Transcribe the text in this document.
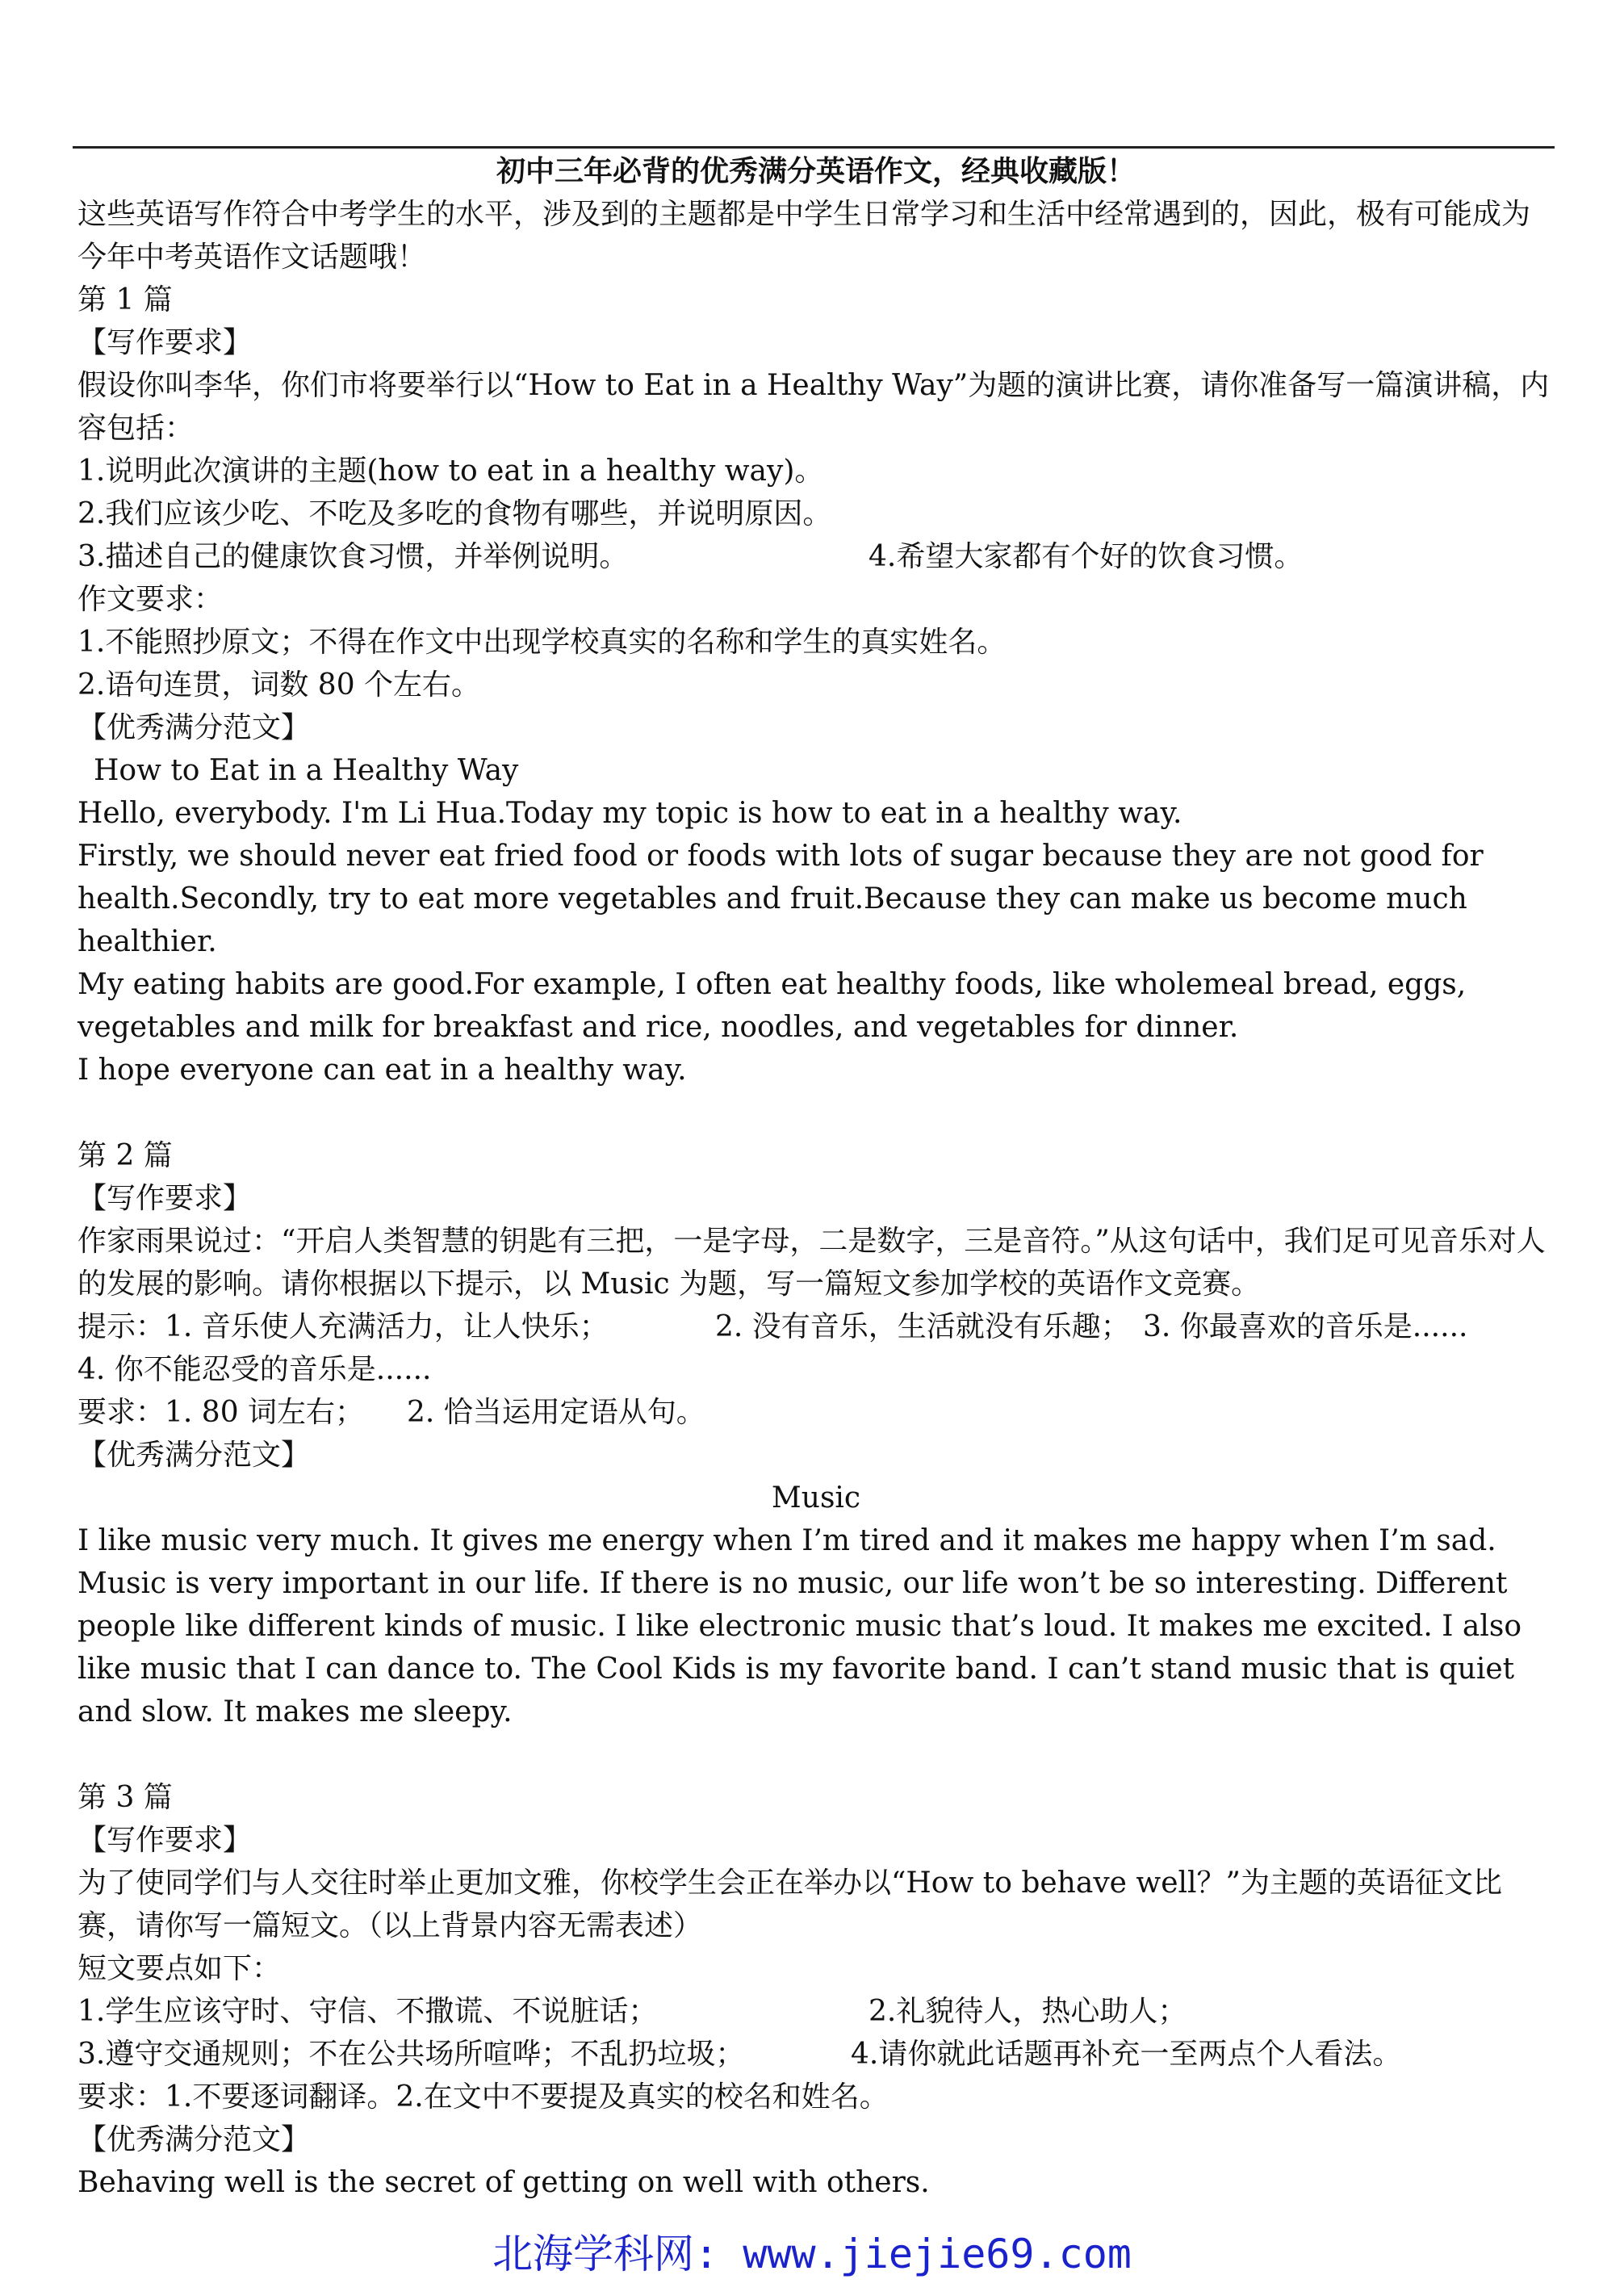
初中三年必背的优秀满分英语作文，经典收藏版！

这些英语写作符合中考学生的水平，涉及到的主题都是中学生日常学习和生活中经常遇到的，因此，极有可能成为今年中考英语作文话题哦！

第 1 篇

【写作要求】

假设你叫李华，你们市将要举行以“How to Eat in a Healthy Way”为题的演讲比赛，请你准备写一篇演讲稿，内容包括：

1.说明此次演讲的主题(how to eat in a healthy way)。

2.我们应该少吃、不吃及多吃的食物有哪些，并说明原因。

3.描述自己的健康饮食习惯，并举例说明。	4.希望大家都有个好的饮食习惯。

作文要求：

1.不能照抄原文；不得在作文中出现学校真实的名称和学生的真实姓名。

2.语句连贯，词数 80 个左右。

【优秀满分范文】

How to Eat in a Healthy Way

Hello, everybody. I'm Li Hua.Today my topic is how to eat in a healthy way.

Firstly, we should never eat fried food or foods with lots of sugar because they are not good for health.Secondly, try to eat more vegetables and fruit.Because they can make us become much healthier.

My eating habits are good.For example, I often eat healthy foods, like wholemeal bread, eggs, vegetables and milk for breakfast and rice, noodles, and vegetables for dinner.

I hope everyone can eat in a healthy way.

第 2 篇

【写作要求】

作家雨果说过：“开启人类智慧的钥匙有三把，一是字母，二是数字，三是音符。”从这句话中，我们足可见音乐对人的发展的影响。请你根据以下提示，以 Music 为题，写一篇短文参加学校的英语作文竞赛。

提示：1. 音乐使人充满活力，让人快乐；	2. 没有音乐，生活就没有乐趣； 3. 你最喜欢的音乐是......

4. 你不能忍受的音乐是......

要求：1. 80 词左右；	2. 恰当运用定语从句。

【优秀满分范文】

Music

I like music very much. It gives me energy when I’m tired and it makes me happy when I’m sad. Music is very important in our life. If there is no music, our life won’t be so interesting. Different people like different kinds of music. I like electronic music that’s loud. It makes me excited. I also like music that I can dance to. The Cool Kids is my favorite band. I can’t stand music that is quiet and slow. It makes me sleepy.

第 3 篇

【写作要求】

为了使同学们与人交往时举止更加文雅，你校学生会正在举办以“How to behave well？”为主题的英语征文比赛，请你写一篇短文。（以上背景内容无需表述）

短文要点如下：

1.学生应该守时、守信、不撒谎、不说脏话；	2.礼貌待人，热心助人；

3.遵守交通规则；不在公共场所喧哗；不乱扔垃圾；	4.请你就此话题再补充一至两点个人看法。

要求：1.不要逐词翻译。2.在文中不要提及真实的校名和姓名。

【优秀满分范文】

Behaving well is the secret of getting on well with others.

北海学科网: www.jiejie69.com
